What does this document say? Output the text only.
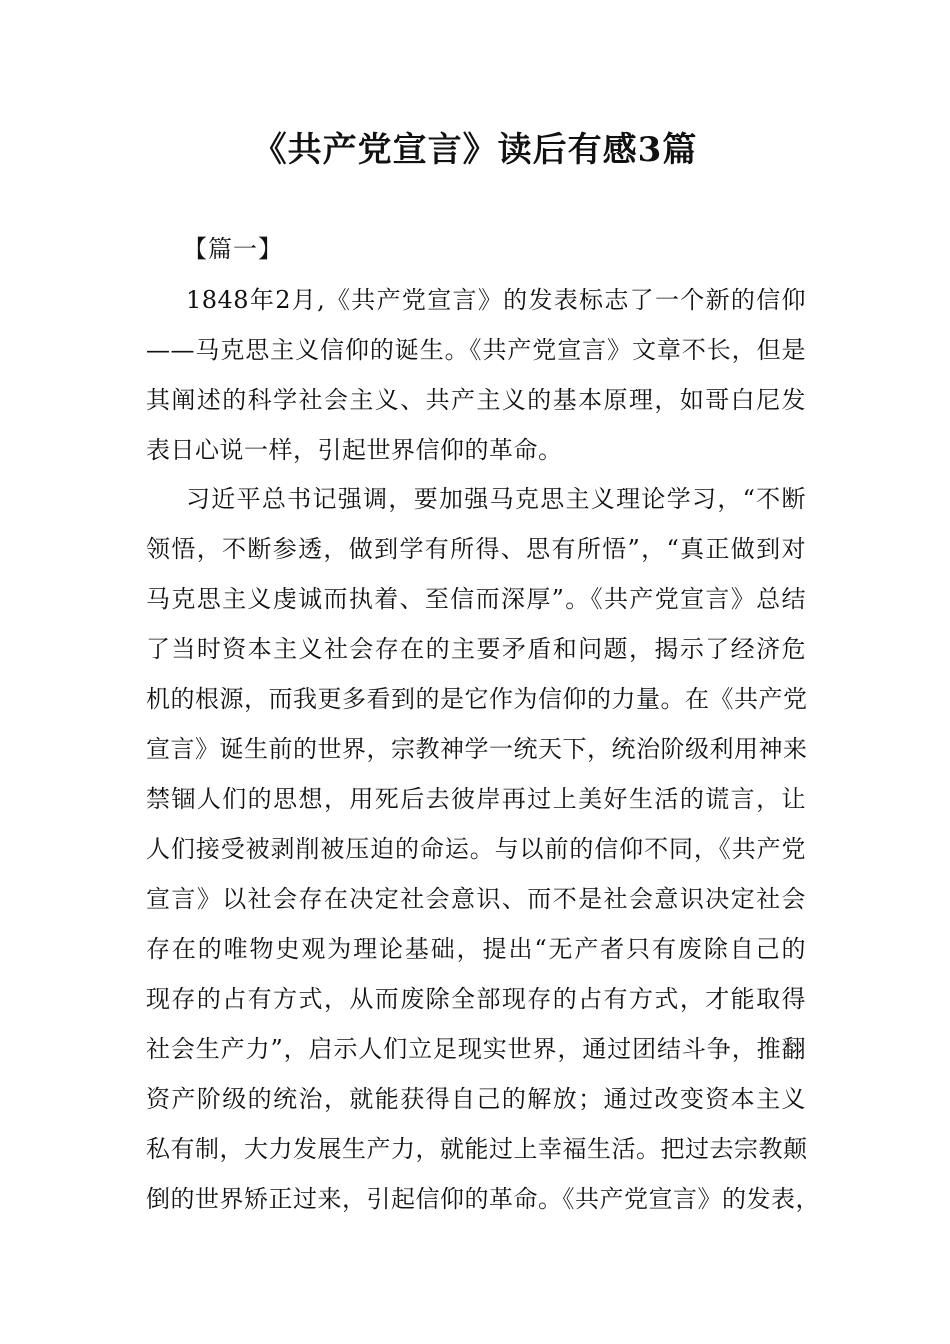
《共产党宣言》读后有感3篇

【篇一】

1848年2月,《共产党宣言》的发表标志了一个新的信仰
——马克思主义信仰的诞生。《共产党宣言》文章不长，但是
其阐述的科学社会主义、共产主义的基本原理，如哥白尼发
表日心说一样，引起世界信仰的革命。
习近平总书记强调，要加强马克思主义理论学习，“不断
领悟，不断参透，做到学有所得、思有所悟”，“真正做到对
马克思主义虔诚而执着、至信而深厚”。《共产党宣言》总结
了当时资本主义社会存在的主要矛盾和问题，揭示了经济危
机的根源，而我更多看到的是它作为信仰的力量。在《共产党
宣言》诞生前的世界，宗教神学一统天下，统治阶级利用神来
禁锢人们的思想，用死后去彼岸再过上美好生活的谎言，让
人们接受被剥削被压迫的命运。与以前的信仰不同，《共产党
宣言》以社会存在决定社会意识、而不是社会意识决定社会
存在的唯物史观为理论基础，提出“无产者只有废除自己的
现存的占有方式，从而废除全部现存的占有方式，才能取得
社会生产力”，启示人们立足现实世界，通过团结斗争，推翻
资产阶级的统治，就能获得自己的解放；通过改变资本主义
私有制，大力发展生产力，就能过上幸福生活。把过去宗教颠
倒的世界矫正过来，引起信仰的革命。《共产党宣言》的发表，
